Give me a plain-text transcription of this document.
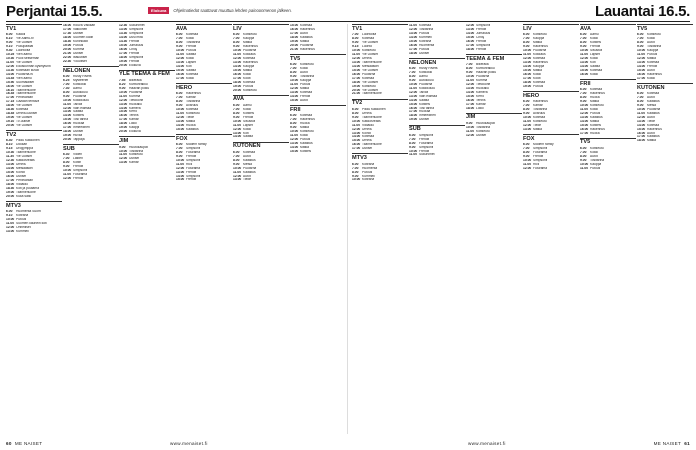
Perjantai 15.5.	Elokuva	Ohjelmatiedot saattavat muuttua lehden painoonmenon jälkeen.	Lauantai 16.5.
TV1
6.00	Kaaoli
6.10	Yle Aamu-tv
9.00	Yle Uutiset
9.10	Pukupalstat
9.40	Luontoilta
10.25 Ylen aamu
10.30 Puoli seitsemän
11.00 Yle Uutiset
12.00 Eduskunnan kyselytunti
13.30 Kotimaan kuvat
14.00 Puutarha-tv
14.45 Ylen aamu
15.50 Suomalaiset
16.00 Yle Uutiset
16.10 Tilannehuone
16.45 Tilannehuone
17.00 Pehlivanian
17.15 Gazaan tehtävä
18.00 Yle Uutiset
18.30 Kotimaa
18.45 Urheilu-uutiset
19.00 Yle Uutiset
19.10 Tv-uutiset
20.00 Yle Uutiset
TV2
6.40	Pikku Kakkonen
8.10	Dokkari
9.15	Urogymppä
10.30 Tilannehuone
11.30 Yle Uutiset
12.30 Kakkosrealis
13.00 Urheilu
14.00 Metsäaskel
15.00 Koirat
16.00 Uutiset
17.00 Pehlivanian
18.00 Viidakko
18.30 Koti ja puutarha
19.00 Tilannehuone
20.00 Kuka saisi
MTV3
6.00	Huomenta Suomi
9.10	Kotiraha
10.00 Putous
11.00 Suomen kaunein koti
12.00 Onnelliset
13.00 Kummeli
16.00 Rouva Välkkäri
17.00 Valkoinen
17.30 Uutiset
18.00 Suomen kodit
18.30 Kuninkaat
19.00 Putous
20.00 Kumma
21.00 Uutiset
22.00 Iltauutiset
22.30 Yöuutiset
NELONEN
6.00	Rusty Rivets
6.25	Mysteeriet
7.00	Kotikokki
7.30	Aamu
8.00	Autokoulu
9.00	Puutarha
10.00 Kokkikoulu
11.00 Taivas
12.00 Vain elämää
13.00 Salatut
14.00 Kotiliesi
15.00 Tosi tarina
16.00 Ruokaa
17.00 Ihmeellinen
18.00 Uutiset
19.00 Huvila
20.00 Tappaja
SUB
6.30	Viiden
7.00	Lasten
8.00	Kotiin
9.00	Frendit
10.00 Simpsonit
11.00 Futurama
12.00 Frendit
12.30 Sukunimet
13.00 Simpsonit
13.30 Simpsonit
14.00 Uusi mitä
14.30 Frendit
15.00 Jumaluus
16.00 Cindy
17.00 Frendit
18.00 Simpsonit
19.00 Frendit
20.00 Elokuva
YLE TEEMA & FEM
7.55	Bikeralla
8.20	Kurtturirakku
9.00	Haavan polku
10.00 Puutarha
11.00 Kumma
12.00 Tietokone
13.00 Ruokailu
14.00 Kamera
15.00 Kerro
16.00 Tennis
17.00 Kamari
18.00 Lokki
19.00 Kaappi
20.00 Elokuva
JIM
9.00	Huutokaupat
10.00 Tositarina
11.00 Kotiseutu
12.00 Uutiset
13.00 Kamari
AVA
6.00	Kotimaa
7.00	Kokki
8.00	Tositarina
9.00	Frendit
10.00 Putous
11.00 Salatut
12.00 Kokki
13.00 Lapset
14.00 Koti
15.00 Salatut
16.00 Kotimaa
17.00 Kokki
HERO
6.00	Rakennus
7.00	Kamari
8.00	Tositarina
9.00	Avaruus
10.00 Kotimaa
11.00 Kotiseutu
12.00 Tiede
13.00 Matka
14.00 Ruoka
15.00 Kalastus
FOX
6.00	Modern family
7.00	Simpsonit
8.00	Futurama
9.00	Frendit
10.00 Simpsonit
11.00 Rick
12.00 Futurama
13.00 Frendit
14.00 Simpsonit
15.00 Frendit
LIV
6.00	Kotiseutu
7.00	Kauppa
8.00	Matka
9.00	Rakennus
10.00 Puutarha
11.00 Kokkaus
12.00 Kotimaa
13.00 Rakennus
14.00 Kauppa
15.00 Matka
16.00 Kokki
17.00 Kodit
18.00 Kotimaa
19.00 Putous
20.00 Kotiseutu
AVA
6.00	Aamu
7.00	Kokki
8.00	Kotiliesi
9.00	Frendit
10.00 Sisustus
11.00 Lapset
12.00 Kokki
13.00 Koti
14.00 Salatut
KUTONEN
6.00	Kotimaa
7.00	Autot
8.00	Kalastus
9.00	Metsä
10.00 Puutarha
11.00 Kalastus
12.00 Autot
13.00 Tiede
15.00 Kotimaa
16.00 Rakennus
17.00 Autot
18.00 Kalastus
19.00 Matka
20.00 Puutarha
21.00 Rakennus
TV5
6.00	Kotiseutu
7.00	Kokki
8.00	Autot
9.00	Tositarina
10.00 Kauppa
11.00 Putous
12.00 Matka
13.00 Kotimaa
14.00 Frendit
15.00 Autot
FRII
6.00	Kotimaa
7.00	Rakennus
8.00	Ruoka
9.00	Matka
10.00 Kotiseutu
11.00 Kokki
12.00 Putous
13.00 Kalastus
14.00 Matka
15.00 Kotiliesi
TV1
7.00	Luontoilta
8.00	Kotimaa
9.00	Yle Uutiset
9.15	Luonto
10.00 Kotiseutu
11.00 Yle Uutiset
12.00 Urheilu
13.00 Tilannehuone
14.00 Metsäaskel
15.00 Yle Uutiset
16.00 Puutarha
17.00 Kotimaa
18.00 Yle Uutiset
19.00 Kotiseutu
20.00 Yle Uutiset
21.00 Tilannehuone
TV2
6.00	Pikku Kakkonen
8.00	Urheilu
9.00	Tilannehuone
10.00 Kakkosrealis
11.00 Viidakko
12.00 Urheilu
13.00 Koirat
14.00 Kotimaa
15.00 Urheilu
16.00 Tilannehuone
17.00 Uutiset
MTV3
6.00	Kotiraha
7.00	Huomenta
8.00	Putous
9.00	Kummeli
10.00 Kotiraha
11.00 Kotimaa
12.00 Tositarina
13.00 Putous
14.00 Kummeli
15.00 Kotiraha
16.00 Huomenta
17.00 Putous
18.00 Uutiset
NELONEN
6.00	Rusty Rivets
7.00	Kotikokki
8.00	Aamu
9.00	Autokoulu
10.00 Puutarha
11.00 Kokkikoulu
12.00 Taivas
13.00 Vain elämää
14.00 Salatut
15.00 Kotiliesi
16.00 Tosi tarina
17.00 Ruokaa
18.00 Ihmeellinen
19.00 Uutiset
SUB
6.00	Simpsonit
7.00	Frendit
8.00	Futurama
9.00	Simpsonit
10.00 Frendit
11.00 Sukunimet
12.00 Simpsonit
13.00 Frendit
14.00 Jumaluus
15.00 Cindy
16.00 Frendit
17.00 Simpsonit
18.00 Frendit
TEEMA & FEM
7.00	Bikeralla
8.00	Kurtturirakku
9.00	Haavan polku
10.00 Puutarha
11.00 Kumma
12.00 Tietokone
13.00 Ruokailu
14.00 Kamera
15.00 Kerro
16.00 Tennis
17.00 Kamari
18.00 Lokki
JIM
9.00	Huutokaupat
10.00 Tositarina
11.00 Kotiseutu
12.00 Uutiset
LIV
6.00	Kotiseutu
7.00	Kauppa
8.00	Matka
9.00	Rakennus
10.00 Puutarha
11.00 Kokkaus
12.00 Kotimaa
13.00 Rakennus
14.00 Kauppa
15.00 Matka
16.00 Kokki
17.00 Kodit
18.00 Kotimaa
19.00 Putous
HERO
6.00	Rakennus
7.00	Kamari
8.00	Tositarina
9.00	Avaruus
10.00 Kotimaa
11.00 Kotiseutu
12.00 Tiede
13.00 Matka
FOX
6.00	Modern family
7.00	Simpsonit
8.00	Futurama
9.00	Frendit
10.00 Simpsonit
11.00 Rick
12.00 Futurama
AVA
6.00	Aamu
7.00	Kokki
8.00	Kotiliesi
9.00	Frendit
10.00 Sisustus
11.00 Lapset
12.00 Kokki
13.00 Koti
14.00 Salatut
15.00 Kotimaa
16.00 Kokki
FRII
6.00	Kotimaa
7.00	Rakennus
8.00	Ruoka
9.00	Matka
10.00 Kotiseutu
11.00 Kokki
12.00 Putous
13.00 Kalastus
14.00 Matka
15.00 Kotiliesi
16.00 Rakennus
17.00 Ruoka
TV5
6.00	Kotiseutu
7.00	Kokki
8.00	Autot
9.00	Tositarina
10.00 Kauppa
11.00 Putous
TV5
6.00	Kotiseutu
7.00	Kokki
8.00	Autot
9.00	Tositarina
10.00 Kauppa
11.00 Putous
12.00 Matka
13.00 Kotimaa
14.00 Frendit
15.00 Autot
16.00 Rakennus
17.00 Kokki
KUTONEN
6.00	Kotimaa
7.00	Autot
8.00	Kalastus
9.00	Metsä
10.00 Puutarha
11.00 Kalastus
12.00 Autot
13.00 Tiede
14.00 Kotimaa
15.00 Rakennus
16.00 Autot
17.00 Kalastus
18.00 Matka
60 ME NAISET	www.menaiset.fi	www.menaiset.fi	ME NAISET 61
